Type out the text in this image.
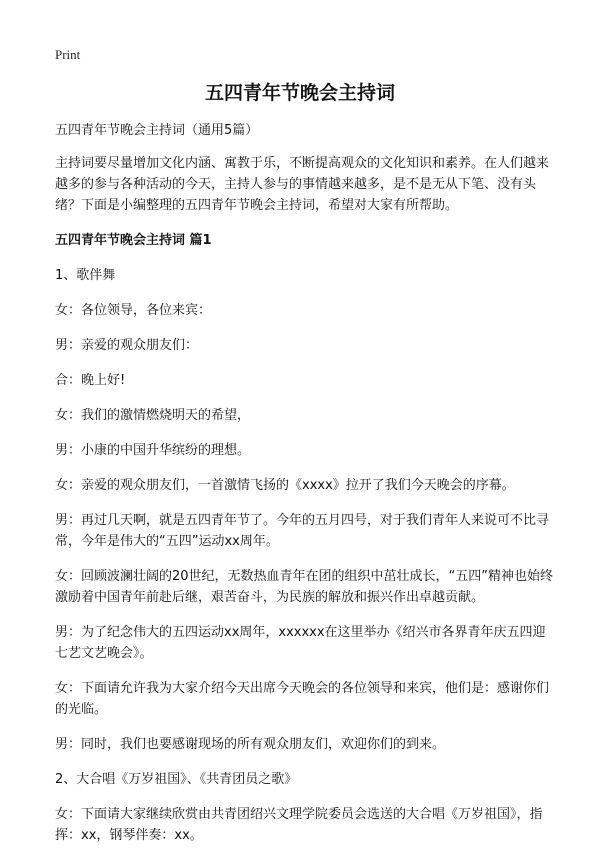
Print
五四青年节晚会主持词

五四青年节晚会主持词（通用5篇）

主持词要尽量增加文化内涵、寓教于乐，不断提高观众的文化知识和素养。在人们越来越多的参与各种活动的今天，主持人参与的事情越来越多，是不是无从下笔、没有头绪？下面是小编整理的五四青年节晚会主持词，希望对大家有所帮助。

五四青年节晚会主持词 篇1

1、歌伴舞

女：各位领导，各位来宾：

男：亲爱的观众朋友们：

合：晚上好!

女：我们的激情燃烧明天的希望，

男：小康的中国升华缤纷的理想。

女：亲爱的观众朋友们，一首激情飞扬的《xxxx》拉开了我们今天晚会的序幕。

男：再过几天啊，就是五四青年节了。今年的五月四号，对于我们青年人来说可不比寻常，今年是伟大的“五四”运动xx周年。

女：回顾波澜壮阔的20世纪，无数热血青年在团的组织中茁壮成长，“五四”精神也始终激励着中国青年前赴后继，艰苦奋斗，为民族的解放和振兴作出卓越贡献。

男：为了纪念伟大的五四运动xx周年，xxxxxx在这里举办《绍兴市各界青年庆五四迎七艺文艺晚会》。

女：下面请允许我为大家介绍今天出席今天晚会的各位领导和来宾，他们是：感谢你们的光临。

男：同时，我们也要感谢现场的所有观众朋友们，欢迎你们的到来。

2、大合唱《万岁祖国》、《共青团员之歌》

女：下面请大家继续欣赏由共青团绍兴文理学院委员会选送的大合唱《万岁祖国》，指挥：xx，钢琴伴奏：xx。
